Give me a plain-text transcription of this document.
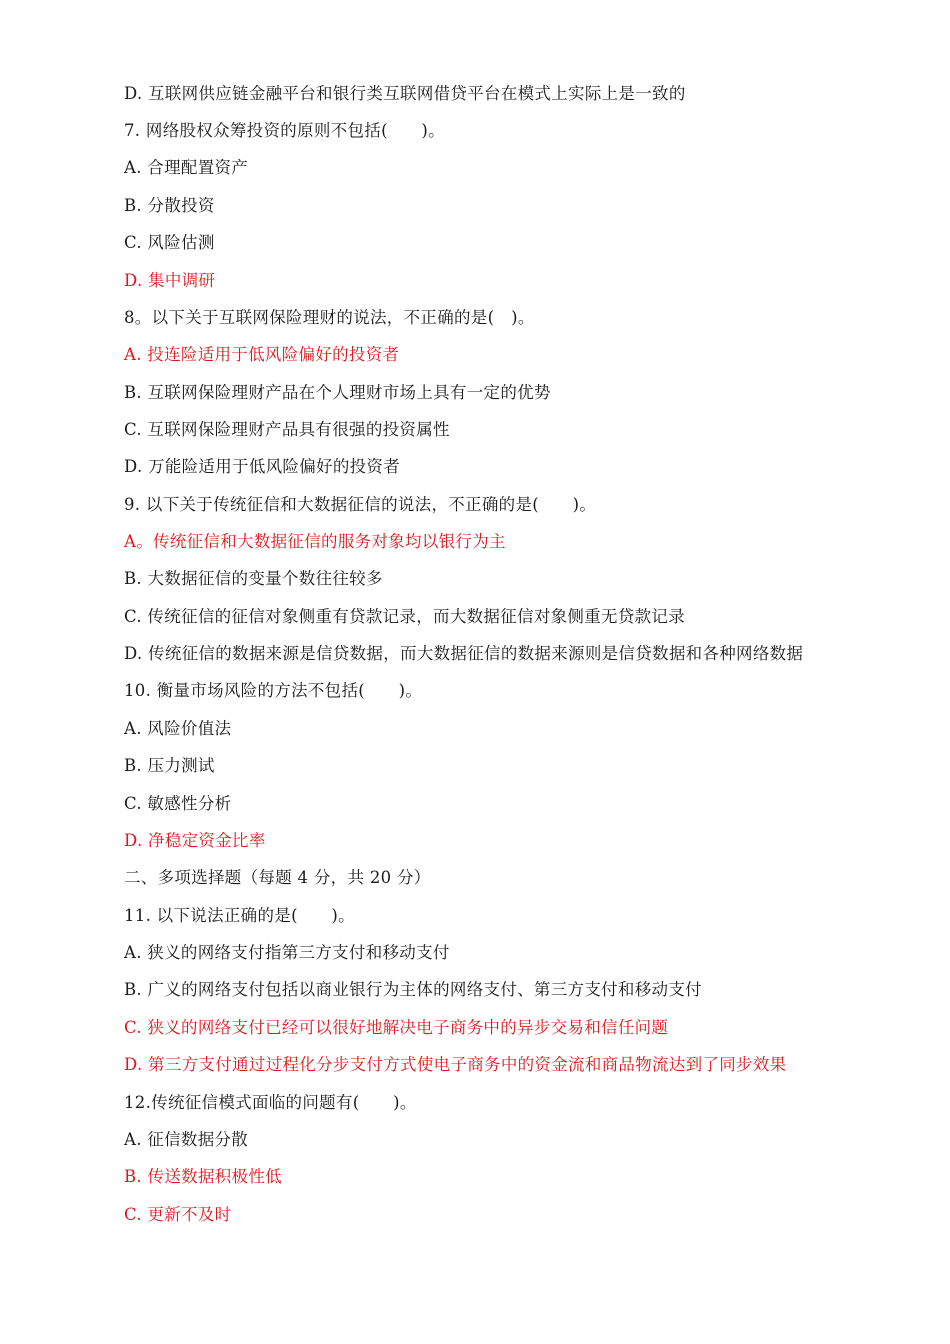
D. 互联网供应链金融平台和银行类互联网借贷平台在模式上实际上是一致的
7. 网络股权众筹投资的原则不包括(　　)。
A. 合理配置资产
B. 分散投资
C. 风险估测
D. 集中调研
8。以下关于互联网保险理财的说法，不正确的是(　)。
A. 投连险适用于低风险偏好的投资者
B. 互联网保险理财产品在个人理财市场上具有一定的优势
C. 互联网保险理财产品具有很强的投资属性
D. 万能险适用于低风险偏好的投资者
9. 以下关于传统征信和大数据征信的说法，不正确的是(　　)。
A。传统征信和大数据征信的服务对象均以银行为主
B. 大数据征信的变量个数往往较多
C. 传统征信的征信对象侧重有贷款记录，而大数据征信对象侧重无贷款记录
D. 传统征信的数据来源是信贷数据，而大数据征信的数据来源则是信贷数据和各种网络数据
10. 衡量市场风险的方法不包括(　　)。
A. 风险价值法
B. 压力测试
C. 敏感性分析
D. 净稳定资金比率
二、多项选择题（每题 4 分，共 20 分）
11. 以下说法正确的是(　　)。
A. 狭义的网络支付指第三方支付和移动支付
B. 广义的网络支付包括以商业银行为主体的网络支付、第三方支付和移动支付
C. 狭义的网络支付已经可以很好地解决电子商务中的异步交易和信任问题
D. 第三方支付通过过程化分步支付方式使电子商务中的资金流和商品物流达到了同步效果
12.传统征信模式面临的问题有(　　)。
A. 征信数据分散
B. 传送数据积极性低
C. 更新不及时
